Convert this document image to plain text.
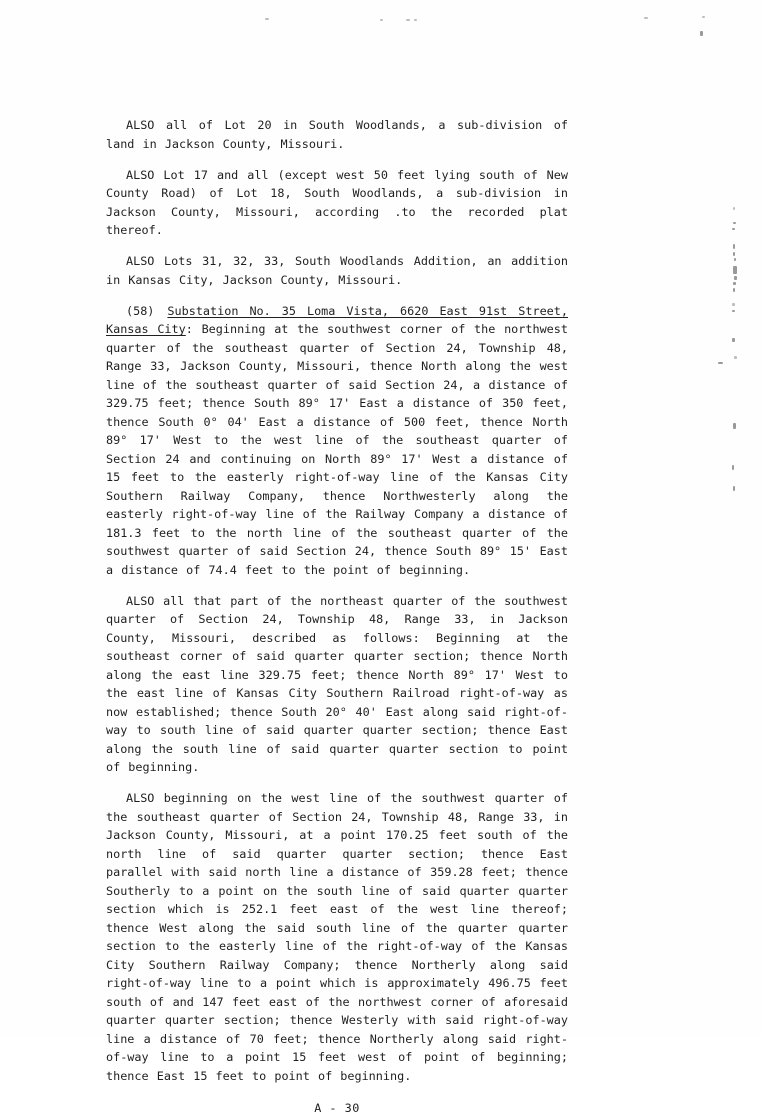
ALSO all of Lot 20 in South Woodlands, a sub-division of land in Jackson County, Missouri.

ALSO Lot 17 and all (except west 50 feet lying south of New County Road) of Lot 18, South Woodlands, a sub-division in Jackson County, Missouri, according .to the recorded plat thereof.

ALSO Lots 31, 32, 33, South Woodlands Addition, an addition in Kansas City, Jackson County, Missouri.

(58) Substation No. 35 Loma Vista, 6620 East 91st Street, Kansas City: Beginning at the southwest corner of the northwest quarter of the southeast quarter of Section 24, Township 48, Range 33, Jackson County, Missouri, thence North along the west line of the southeast quarter of said Section 24, a distance of 329.75 feet; thence South 89° 17' East a distance of 350 feet, thence South 0° 04' East a distance of 500 feet, thence North 89° 17' West to the west line of the southeast quarter of Section 24 and continuing on North 89° 17' West a distance of 15 feet to the easterly right-of-way line of the Kansas City Southern Railway Company, thence Northwesterly along the easterly right-of-way line of the Railway Company a distance of 181.3 feet to the north line of the southeast quarter of the southwest quarter of said Section 24, thence South 89° 15' East a distance of 74.4 feet to the point of beginning.

ALSO all that part of the northeast quarter of the southwest quarter of Section 24, Township 48, Range 33, in Jackson County, Missouri, described as follows: Beginning at the southeast corner of said quarter quarter section; thence North along the east line 329.75 feet; thence North 89° 17' West to the east line of Kansas City Southern Railroad right-of-way as now established; thence South 20° 40' East along said right-of-way to south line of said quarter quarter section; thence East along the south line of said quarter quarter section to point of beginning.

ALSO beginning on the west line of the southwest quarter of the southeast quarter of Section 24, Township 48, Range 33, in Jackson County, Missouri, at a point 170.25 feet south of the north line of said quarter quarter section; thence East parallel with said north line a distance of 359.28 feet; thence Southerly to a point on the south line of said quarter quarter section which is 252.1 feet east of the west line thereof; thence West along the said south line of the quarter quarter section to the easterly line of the right-of-way of the Kansas City Southern Railway Company; thence Northerly along said right-of-way line to a point which is approximately 496.75 feet south of and 147 feet east of the northwest corner of aforesaid quarter quarter section; thence Westerly with said right-of-way line a distance of 70 feet; thence Northerly along said right-of-way line to a point 15 feet west of point of beginning; thence East 15 feet to point of beginning.

A - 30
